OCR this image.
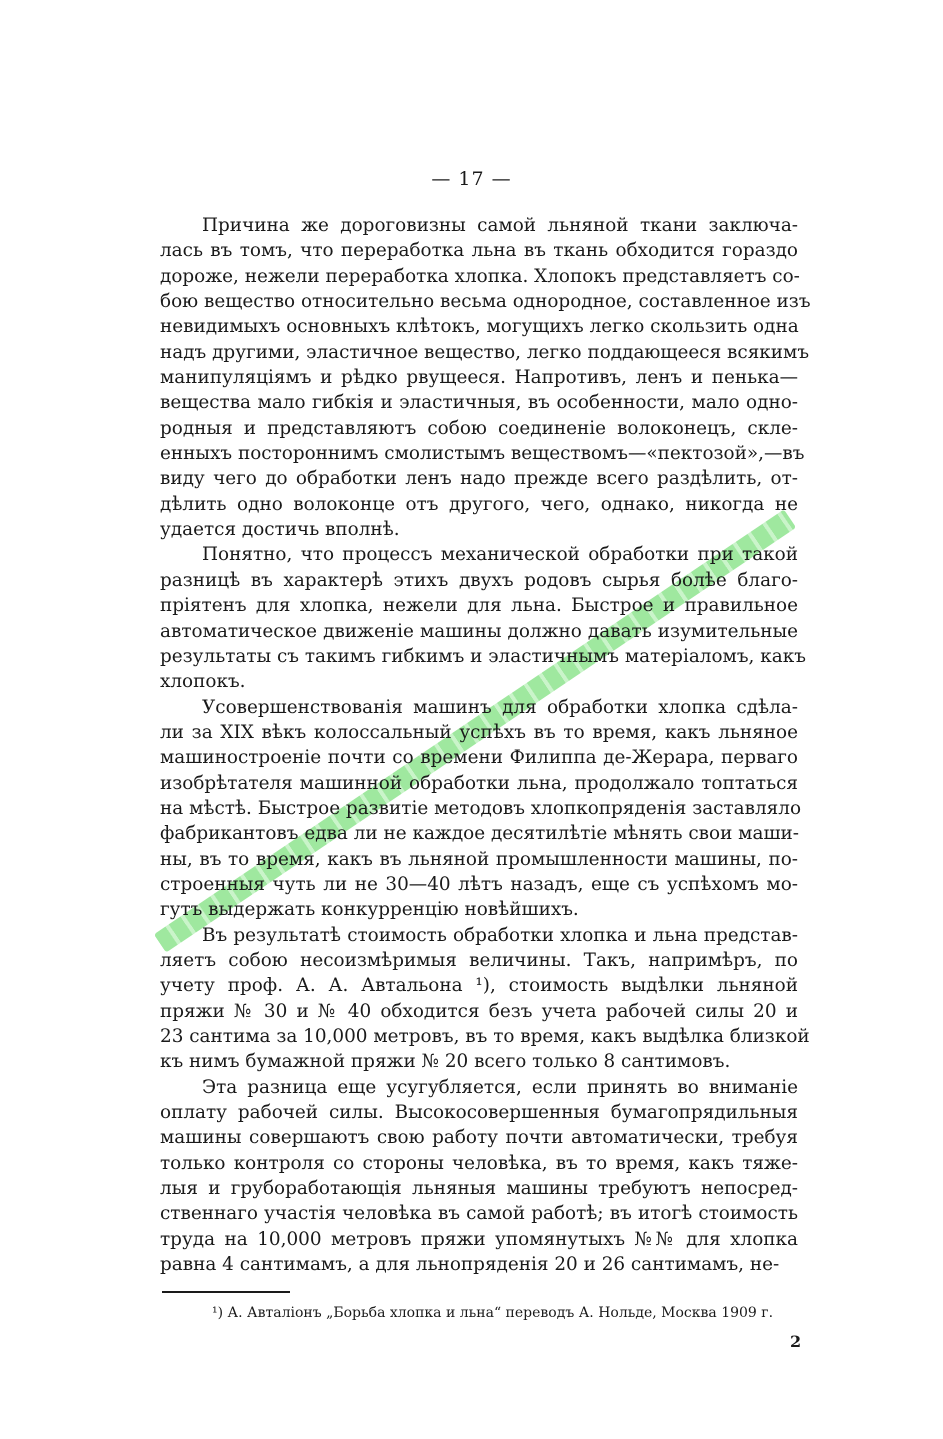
— 17 —
Причина же дороговизны самой льняной ткани заключа-
лась въ томъ, что переработка льна въ ткань обходится гораздо
дороже, нежели переработка хлопка. Хлопокъ представляетъ со-
бою вещество относительно весьма однородное, составленное изъ
невидимыхъ основныхъ клѣтокъ, могущихъ легко скользить одна
надъ другими, эластичное вещество, легко поддающееся всякимъ
манипуляціямъ и рѣдко рвущееся. Напротивъ, ленъ и пенька—
вещества мало гибкія и эластичныя, въ особенности, мало одно-
родныя и представляютъ собою соединеніе волоконецъ, скле-
енныхъ постороннимъ смолистымъ веществомъ—«пектозой»,—въ
виду чего до обработки ленъ надо прежде всего раздѣлить, от-
дѣлить одно волоконце отъ другого, чего, однако, никогда не
удается достичь вполнѣ.
Понятно, что процессъ механической обработки при такой
разницѣ въ характерѣ этихъ двухъ родовъ сырья болѣе благо-
пріятенъ для хлопка, нежели для льна. Быстрое и правильное
автоматическое движеніе машины должно давать изумительные
результаты съ такимъ гибкимъ и эластичнымъ матеріаломъ, какъ
хлопокъ.
Усовершенствованія машинъ для обработки хлопка сдѣла-
ли за XIX вѣкъ колоссальный успѣхъ въ то время, какъ льняное
машиностроеніе почти со времени Филиппа де-Жерара, перваго
изобрѣтателя машинной обработки льна, продолжало топтаться
на мѣстѣ. Быстрое развитіе методовъ хлопкопряденія заставляло
фабрикантовъ едва ли не каждое десятилѣтіе мѣнять свои маши-
ны, въ то время, какъ въ льняной промышленности машины, по-
строенныя чуть ли не 30—40 лѣтъ назадъ, еще съ успѣхомъ мо-
гутъ выдержать конкурренцію новѣйшихъ.
Въ результатѣ стоимость обработки хлопка и льна представ-
ляетъ собою несоизмѣримыя величины. Такъ, напримѣръ, по
учету проф. А. А. Автальона ¹), стоимость выдѣлки льняной
пряжи № 30 и № 40 обходится безъ учета рабочей силы 20 и
23 сантима за 10,000 метровъ, въ то время, какъ выдѣлка близкой
къ нимъ бумажной пряжи № 20 всего только 8 сантимовъ.
Эта разница еще усугубляется, если принять во вниманіе
оплату рабочей силы. Высокосовершенныя бумагопрядильныя
машины совершаютъ свою работу почти автоматически, требуя
только контроля со стороны человѣка, въ то время, какъ тяже-
лыя и груборабoтающія льняныя машины требуютъ непосред-
ственнаго участія человѣка въ самой работѣ; въ итогѣ стоимость
труда на 10,000 метровъ пряжи упомянутыхъ №№ для хлопка
равна 4 сантимамъ, а для льнопряденія 20 и 26 сантимамъ, не-
¹) А. Авталіонъ „Борьба хлопка и льна“ переводъ А. Нольде, Москва 1909 г.
2
